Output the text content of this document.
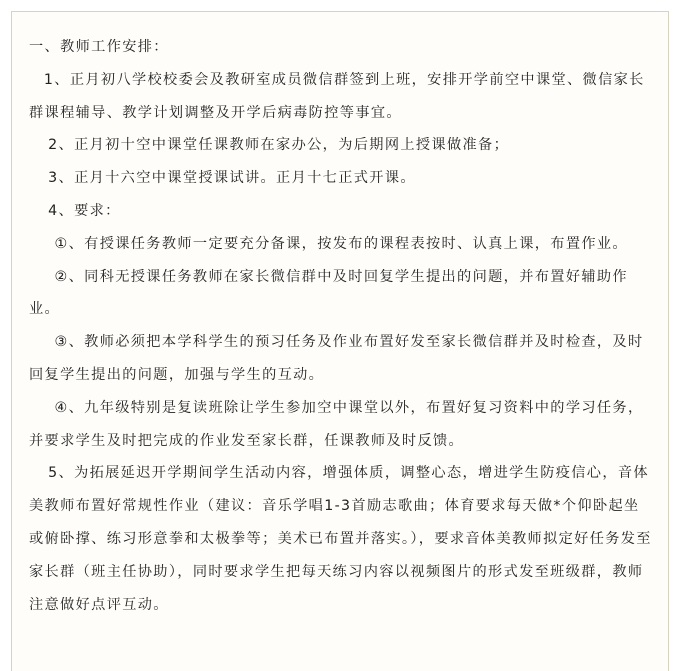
一、教师工作安排：

1、正月初八学校校委会及教研室成员微信群签到上班，安排开学前空中课堂、微信家长群课程辅导、教学计划调整及开学后病毒防控等事宜。

2、正月初十空中课堂任课教师在家办公，为后期网上授课做准备；

3、正月十六空中课堂授课试讲。正月十七正式开课。

4、要求：

①、有授课任务教师一定要充分备课，按发布的课程表按时、认真上课，布置作业。

②、同科无授课任务教师在家长微信群中及时回复学生提出的问题，并布置好辅助作业。

③、教师必须把本学科学生的预习任务及作业布置好发至家长微信群并及时检查，及时回复学生提出的问题，加强与学生的互动。

④、九年级特别是复读班除让学生参加空中课堂以外，布置好复习资料中的学习任务，并要求学生及时把完成的作业发至家长群，任课教师及时反馈。

5、为拓展延迟开学期间学生活动内容，增强体质，调整心态，增进学生防疫信心，音体美教师布置好常规性作业（建议：音乐学唱1-3首励志歌曲；体育要求每天做*个仰卧起坐或俯卧撑、练习形意拳和太极拳等；美术已布置并落实。），要求音体美教师拟定好任务发至家长群（班主任协助），同时要求学生把每天练习内容以视频图片的形式发至班级群，教师注意做好点评互动。
